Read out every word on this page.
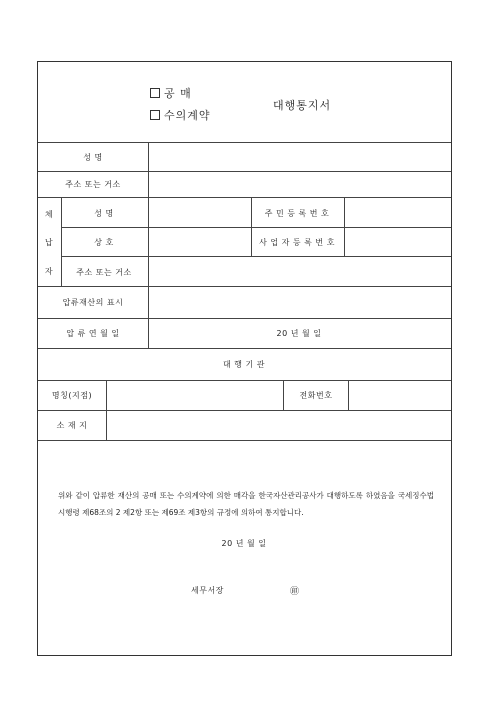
공 매
수의계약
대행통지서
성 명
주소 또는 거소
체
납
자
성 명	주 민 등 록 번 호
상 호	사 업 자 등 록 번 호
주소 또는 거소
압류재산의 표시
압 류 연 월 일	20 년 월 일
대 행 기 관
명칭(지점)	전화번호
소 재 지
위와 같이 압류한 재산의 공매 또는 수의계약에 의한 매각을 한국자산관리공사가 대행하도록 하였음을 국세징수법 시행령 제68조의 2 제2항 또는 제69조 제3항의 규정에 의하여 통지합니다.
20 년 월 일
세무서장	㊞
